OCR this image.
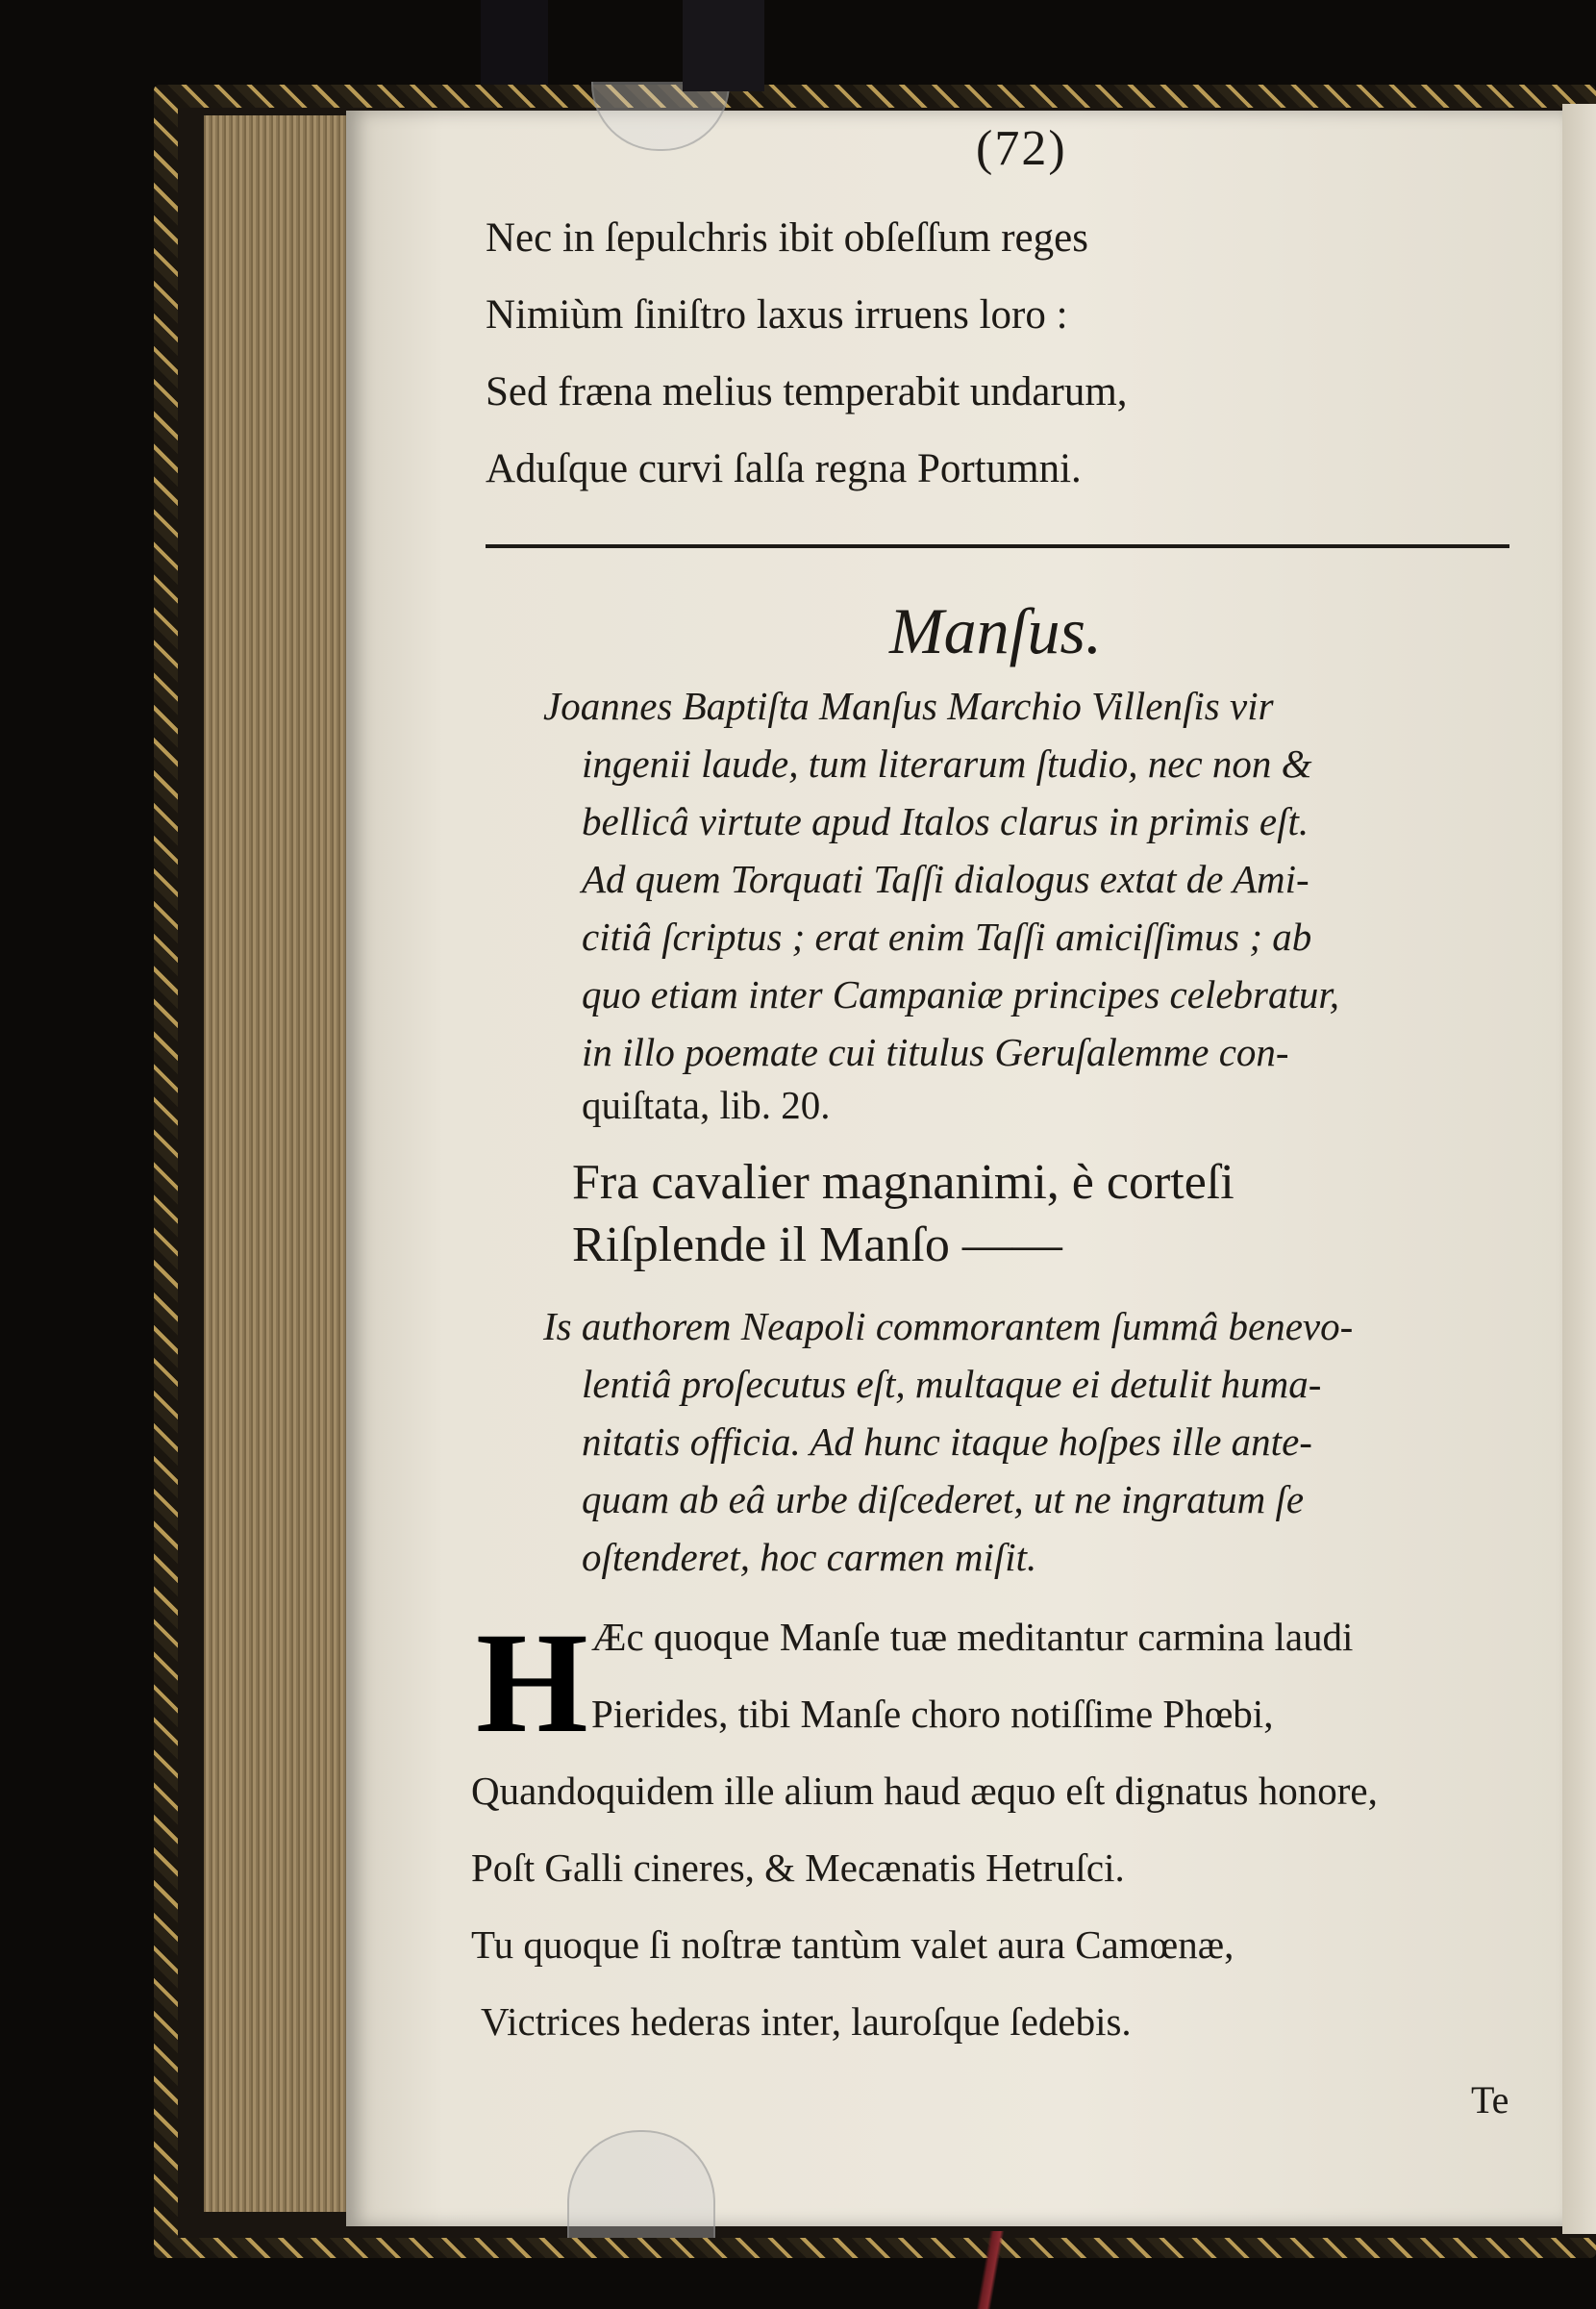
(72)
Nec in ſepulchris ibit obſeſſum reges
Nimiùm ſiniſtro laxus irruens loro :
Sed fræna melius temperabit undarum,
Aduſque curvi ſalſa regna Portumni.
Manſus.
Joannes Baptiſta Manſus Marchio Villenſis vir
ingenii laude, tum literarum ſtudio, nec non &
bellicâ virtute apud Italos clarus in primis eſt.
Ad quem Torquati Taſſi dialogus extat de Ami-
citiâ ſcriptus ; erat enim Taſſi amiciſſimus ; ab
quo etiam inter Campaniæ principes celebratur,
in illo poemate cui titulus Geruſalemme con-
quiſtata, lib. 20.
Fra cavalier magnanimi, è corteſi
Riſplende il Manſo ——
Is authorem Neapoli commorantem ſummâ benevo-
lentiâ proſecutus eſt, multaque ei detulit huma-
nitatis officia. Ad hunc itaque hoſpes ille ante-
quam ab eâ urbe diſcederet, ut ne ingratum ſe
oſtenderet, hoc carmen miſit.
Æc quoque Manſe tuæ meditantur carmina laudi
Pierides, tibi Manſe choro notiſſime Phœbi,
Quandoquidem ille alium haud æquo eſt dignatus honore,
Poſt Galli cineres, & Mecænatis Hetruſci.
Tu quoque ſi noſtræ tantùm valet aura Camœnæ,
Victrices hederas inter, lauroſque ſedebis.
Te
H
